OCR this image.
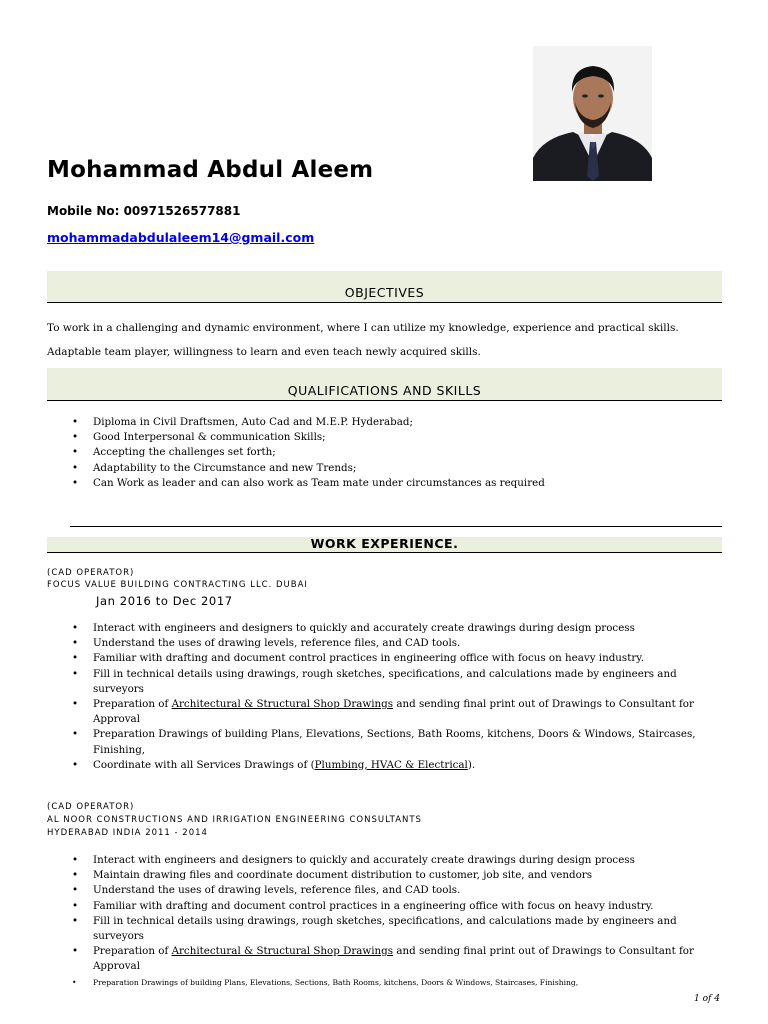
Mohammad Abdul Aleem
Mobile No: 00971526577881
mohammadabdulaleem14@gmail.com
OBJECTIVES
To work in a challenging and dynamic environment, where I can utilize my knowledge, experience and practical skills. Adaptable team player, willingness to learn and even teach newly acquired skills.
QUALIFICATIONS AND SKILLS
• Diploma in Civil Draftsmen, Auto Cad and M.E.P. Hyderabad;
• Good Interpersonal & communication Skills;
• Accepting the challenges set forth;
• Adaptability to the Circumstance and new Trends;
• Can Work as leader and can also work as Team mate under circumstances as required
WORK EXPERIENCE.
(CAD OPERATOR)
FOCUS VALUE BUILDING CONTRACTING LLC. DUBAI
Jan 2016 to Dec 2017
• Interact with engineers and designers to quickly and accurately create drawings during design process
• Understand the uses of drawing levels, reference files, and CAD tools.
• Familiar with drafting and document control practices in engineering office with focus on heavy industry.
• Fill in technical details using drawings, rough sketches, specifications, and calculations made by engineers and surveyors
• Preparation of Architectural & Structural Shop Drawings and sending final print out of Drawings to Consultant for Approval
• Preparation Drawings of building Plans, Elevations, Sections, Bath Rooms, kitchens, Doors & Windows, Staircases, Finishing,
• Coordinate with all Services Drawings of (Plumbing, HVAC & Electrical).
(CAD OPERATOR)
AL NOOR CONSTRUCTIONS AND IRRIGATION ENGINEERING CONSULTANTS
HYDERABAD INDIA 2011 - 2014
• Interact with engineers and designers to quickly and accurately create drawings during design process
• Maintain drawing files and coordinate document distribution to customer, job site, and vendors
• Understand the uses of drawing levels, reference files, and CAD tools.
• Familiar with drafting and document control practices in a engineering office with focus on heavy industry.
• Fill in technical details using drawings, rough sketches, specifications, and calculations made by engineers and surveyors
• Preparation of Architectural & Structural Shop Drawings and sending final print out of Drawings to Consultant for Approval
• Preparation Drawings of building Plans, Elevations, Sections, Bath Rooms, kitchens, Doors & Windows, Staircases, Finishing,
1 of 4
